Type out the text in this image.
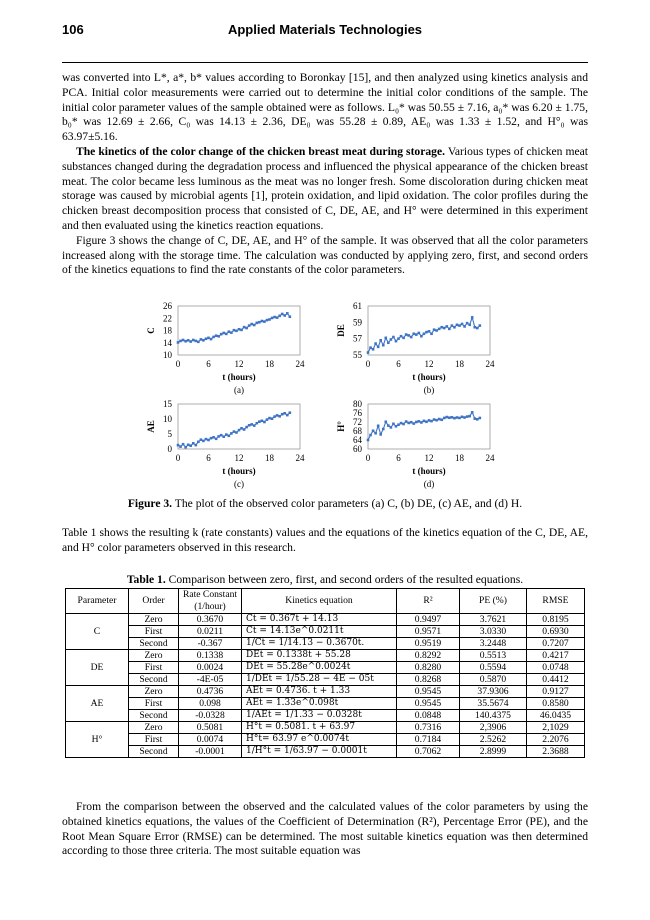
106	Applied Materials Technologies

was converted into L*, a*, b* values according to Boronkay [15], and then analyzed using kinetics analysis and PCA. Initial color measurements were carried out to determine the initial color conditions of the sample. The initial color parameter values of the sample obtained were as follows. L₀* was 50.55 ± 7.16, a₀* was 6.20 ± 1.75, b₀* was 12.69 ± 2.66, C₀ was 14.13 ± 2.36, DE₀ was 55.28 ± 0.89, AE₀ was 1.33 ± 1.52, and H°₀ was 63.97±5.16.

The kinetics of the color change of the chicken breast meat during storage. Various types of chicken meat substances changed during the degradation process and influenced the physical appearance of the chicken breast meat. The color became less luminous as the meat was no longer fresh. Some discoloration during chicken meat storage was caused by microbial agents [1], protein oxidation, and lipid oxidation. The color profiles during the chicken breast decomposition process that consisted of C, DE, AE, and H° were determined in this experiment and then evaluated using the kinetics reaction equations.

Figure 3 shows the change of C, DE, AE, and H° of the sample. It was observed that all the color parameters increased along with the storage time. The calculation was conducted by applying zero, first, and second orders of the kinetics equations to find the rate constants of the color parameters.

26
22
18
14
10
0	6	12 18 24
t (hours)
C
(a)
61
59
57
55
0	6	12 18 24
t (hours)
DE
(b)
15
10
5
0
0	6	12 18 24
t (hours)
AE
(c)
80
76
72
68
64
60
0	6	12 18 24
t (hours)
H°
(d)
Figure 3. The plot of the observed color parameters (a) C, (b) DE, (c) AE, and (d) H.

Table 1 shows the resulting k (rate constants) values and the equations of the kinetics equation of the C, DE, AE, and H° color parameters observed in this research.

Table 1. Comparison between zero, first, and second orders of the resulted equations.
Parameter	Order	Rate Constant (1/hour)	Kinetics equation	R²	PE (%)	RMSE
C	Zero	0.3670	Ct = 0.367t + 14.13	0.9497	3.7621	0.8195
	First	0.0211	Ct = 14.13e^0.0211t	0.9571	3.0330	0.6930
	Second	-0.367	1/Ct = 1/14.13 − 0.3670t.	0.9519	3.2448	0.7207
DE	Zero	0.1338	DEt = 0.1338t + 55.28	0.8292	0.5513	0.4217
	First	0.0024	DEt = 55.28e^0.0024t	0.8280	0.5594	0.0748
	Second	-4E-05	1/DEt = 1/55.28 − 4E − 05t	0.8268	0.5870	0.4412
AE	Zero	0.4736	AEt = 0.4736. t + 1.33	0.9545	37.9306	0.9127
	First	0.098	AEt = 1.33e^0.098t	0.9545	35.5674	0.8580
	Second	-0.0328	1/AEt = 1/1.33 − 0.0328t	0.0848	140.4375	46.0435
H°	Zero	0.5081	H°t = 0.5081. t + 63.97	0.7316	2,3906	2,1029
	First	0.0074	H°t= 63.97 e^0.0074t	0.7184	2.5262	2.2076
	Second	-0.0001	1/H°t = 1/63.97 − 0.0001t	0.7062	2.8999	2.3688

From the comparison between the observed and the calculated values of the color parameters by using the obtained kinetics equations, the values of the Coefficient of Determination (R²), Percentage Error (PE), and the Root Mean Square Error (RMSE) can be determined. The most suitable kinetics equation was then determined according to those three criteria. The most suitable equation was
